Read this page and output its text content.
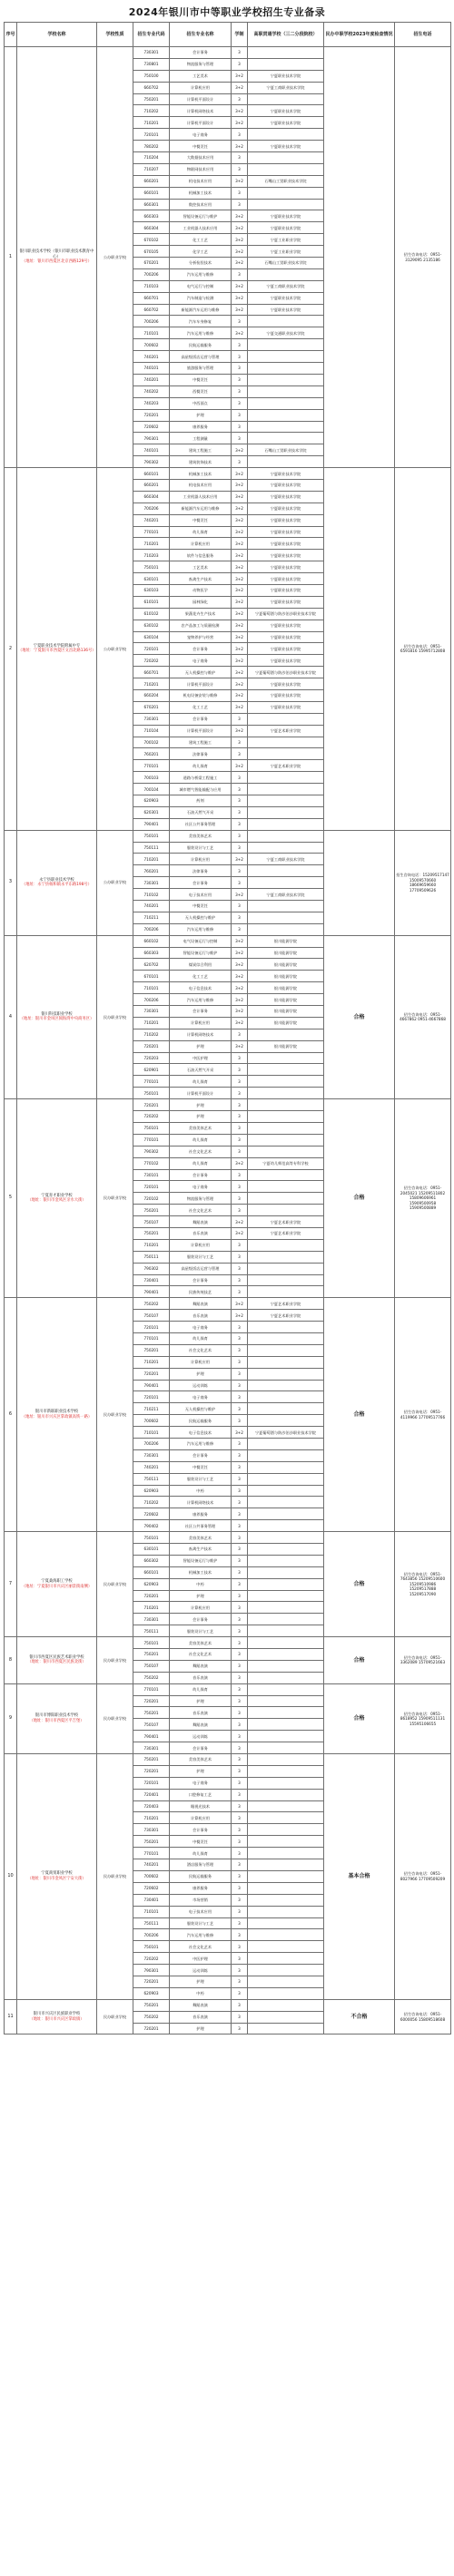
2024年银川市中等职业学校招生专业备录
序号	学校名称	学校性质	招生专业代码	招生专业名称	学制	高职贯通学校（三二分段院校）	民办中职学校2023年度检查情况	招生电话
1	银川职业技术学校（银川市职业技术教育中心）
（地址：银川市西夏区北京西路129号）	公办职业学校	730301	会计事务	3			招生咨询电话：0951-3129095 2135186
			730801	物流服务与管理	3			
			750100	工艺美术	3+2	宁夏职业技术学院		
			660702	计算机应用	3+2	宁夏工商职业技术学院		
			750201	计算机平面设计	3			
			710202	计算机网络技术	3+2	宁夏职业技术学院		
			710201	计算机平面设计	3+2	宁夏职业技术学院		
			720101	电子商务	3			
			780202	中餐烹饪	3+2	宁夏职业技术学院		
			710204	大数据技术应用	3			
			710207	物联网技术应用	3			
			660201	机电技术应用	3+2	石嘴山工贸职业技术学院		
			660101	机械加工技术	3			
			660301	数控技术应用	3			
			660303	智能设备运行与维护	3+2	宁夏职业技术学院		
			660304	工业机器人技术应用	3+2	宁夏职业技术学院		
			670102	化工工艺	3+2	宁夏工业职业学院		
			670105	化学工艺	3+2	宁夏工业职业学院		
			670201	分析检验技术	3+2	石嘴山工贸职业技术学院		
			700206	汽车运用与维修	3			
			710103	电气运行与控制	3+2	宁夏工商职业技术学院		
			660701	汽车制造与检测	3+2	宁夏职业技术学院		
			660702	新能源汽车运用与维修	3+2	宁夏职业技术学院		
			700206	汽车车身修复	3			
			710101	汽车运用与维修	3+2	宁夏交通职业技术学院		
			700602	民航运输服务	3			
			740201	高星级饭店运营与管理	3			
			740101	旅游服务与管理	3			
			740201	中餐烹饪	3			
			740202	西餐烹饪	3			
			740203	中西面点	3			
			720201	护理	3			
			720602	康养服务	3			
			790301	工程测量	3			
			740101	建筑工程施工	3+2	石嘴山工贸职业技术学院		
			790302	建筑装饰技术	3			
2	宁夏职业技术学院附属中专
（地址：宁夏银川市西夏区文昌北路136号）	公办职业学校	660101	机械加工技术	3+2	宁夏职业技术学院		招生咨询电话：0951-6591816 15995712808
			660201	机电技术应用	3+2	宁夏职业技术学院		
			660304	工业机器人技术应用	3+2	宁夏职业技术学院		
			700206	新能源汽车运用与维修	3+2	宁夏职业技术学院		
			740201	中餐烹饪	3+2	宁夏职业技术学院		
			770101	幼儿保育	3+2	宁夏职业技术学院		
			710201	计算机应用	3+2	宁夏职业技术学院		
			710203	软件与信息服务	3+2	宁夏职业技术学院		
			750101	工艺美术	3+2	宁夏职业技术学院		
			630101	畜禽生产技术	3+2	宁夏职业技术学院		
			630103	动物医学	3+2	宁夏职业技术学院		
			610101	园林绿化	3+2	宁夏职业技术学院		
			610102	果蔬花卉生产技术	3+2	宁夏葡萄酒与防沙治沙职业技术学院		
			630102	农产品加工与质量检测	3+2	宁夏职业技术学院		
			630104	宠物养护与经营	3+2	宁夏职业技术学院		
			720101	会计事务	3+2	宁夏职业技术学院		
			720202	电子商务	3+2	宁夏职业技术学院		
			660701	无人机操控与维护	3+2	宁夏葡萄酒与防沙治沙职业技术学院		
			710201	计算机平面设计	3+2	宁夏职业技术学院		
			660204	机电设备安装与维修	3+2	宁夏职业技术学院		
			670201	化工工艺	3+2	宁夏职业技术学院		
			730301	会计事务	3			
			710104	计算机平面设计	3+2	宁夏艺术职业学院		
			700102	建筑工程施工	3			
			760201	法律事务	3			
			770101	幼儿保育	3+2	宁夏艺术职业学院		
			700103	道路与桥梁工程施工	3			
			700104	城市燃气智能输配与应用	3			
			620903	药剂	3			
			620301	石油天然气开采	3			
			790401	社区公共事务管理	3			
3	永宁县职业技术学校
（地址：永宁县杨和镇永平东路198号）	公办职业学校	750101	美容美体艺术	3			招生咨询电话：15209517147 15009570660 18669659660 17709509626
			750111	服装设计与工艺	3			
			710201	计算机应用	3+2	宁夏工商职业技术学院		
			760201	法律事务	3			
			730301	会计事务	3			
			710102	电子技术应用	3+2	宁夏工商职业技术学院		
			740201	中餐烹饪	3			
			710211	无人机操控与维护	3			
			700206	汽车运用与维修	3			
4	银川科技职业学校
（地址：银川市金凤区阅海湾中央商务区）	民办职业学校	660102	电气设备运行与控制	3+2	银川能源学院	合格	招生咨询电话：0951-4667862 0951-4667868
			660303	智能设备运行与维护	3+2	银川能源学院		
			620702	煤炭综合利用	3+2	银川能源学院		
			670101	化工工艺	3+2	银川能源学院		
			710101	电子信息技术	3+2	银川能源学院		
			700206	汽车运用与维修	3+2	银川能源学院		
			730301	会计事务	3+2	银川能源学院		
			710201	计算机应用	3+2	银川能源学院		
			710202	计算机网络技术	3			
			720201	护理	3+2	银川能源学院		
			720203	中医护理	3			
			620901	石油天然气开采	3			
			770101	幼儿保育	3			
			750101	计算机平面设计	3			
5	宁夏育才职业学校
（地址：银川市金凤区亲水大街）	民办职业学校	720201	护理	3		合格	招生咨询电话：0951-2045021 15209511802 15809606961 15909500958 15909500889
			720202	护理	3			
			750101	美容美体艺术	3			
			770101	幼儿保育	3			
			790302	社会文化艺术	3			
			770102	幼儿保育	3+2	宁夏幼儿师范高等专科学校		
			730101	会计事务	3			
			720101	电子商务	3			
			720102	物流服务与管理	3			
			750201	社会文化艺术	3			
			750107	舞蹈表演	3+2	宁夏艺术职业学院		
			750201	音乐表演	3+2	宁夏艺术职业学院		
			710201	计算机应用	3			
			750111	服装设计与工艺	3			
			790302	高星级饭店运营与管理	3			
			730401	会计事务	3			
			790401	民族传统技艺	3			
6	银川市新联职业技术学校
（地址：银川市兴庆区掌政镇高铁一路）	民办职业学校	750202	舞蹈表演	3+2	宁夏艺术职业学院	合格	招生咨询电话：0951-4119966 17709517766
			750107	音乐表演	3+2	宁夏艺术职业学院		
			720101	电子商务	3			
			770101	幼儿保育	3			
			750201	社会文化艺术	3			
			710201	计算机应用	3			
			720201	护理	3			
			790401	运动训练	3			
			720101	电子商务	3			
			710211	无人机操控与维护	3			
			700602	民航运输服务	3			
			710101	电子信息技术	3+2	宁夏葡萄酒与防沙治沙职业技术学院		
			700206	汽车运用与维修	3			
			730301	会计事务	3			
			740201	中餐烹饪	3			
			750111	服装设计与工艺	3			
			620903	中药	3			
			710202	计算机网络技术	3			
			720602	康养服务	3			
			790402	社区公共事务管理	3			
7	宁夏桑海职工学校
（地址：宁夏银川市兴庆区丽景街南侧）	民办职业学校	750101	美容美体艺术	3		合格	招生咨询电话：0951-7643856 15209510600 15209510986 15209517888 15209517090
			630101	畜禽生产技术	3			
			660302	智能设备运行与维护	3			
			660101	机械加工技术	3			
			620903	中药	3			
			720201	护理	3			
			710201	计算机应用	3			
			730301	会计事务	3			
			750111	服装设计与工艺	3			
8	银川市西夏区民族艺术职业学校
（地址：银川市西夏区民族北街）	民办职业学校	750101	美容美体艺术	3		合格	招生咨询电话：0951-3362089 15709521663
			750201	社会文化艺术	3			
			750107	舞蹈表演	3			
			750202	音乐表演	3			
9	银川市博阳职业技术学校
（地址：银川市西夏区平吉堡）	民办职业学校	770101	幼儿保育	3		合格	招生咨询电话：0951-8618952 15909511131 15595106655
			720201	护理	3			
			750201	音乐表演	3			
			750107	舞蹈表演	3			
			790401	运动训练	3			
			730301	会计事务	3			
10	宁夏商贸职业学校
（地址：银川市金凤区宁安大街）	民办职业学校	750201	美容美体艺术	3		基本合格	招生咨询电话：0951-8027966 17709509209
			720201	护理	3			
			720101	电子商务	3			
			720401	口腔修复工艺	3			
			720403	眼视光技术	3			
			710201	计算机应用	3			
			730301	会计事务	3			
			750201	中餐烹饪	3			
			770101	幼儿保育	3			
			740201	酒店服务与管理	3			
			700602	民航运输服务	3			
			720602	康养服务	3			
			730401	市场营销	3			
			710101	电子技术应用	3			
			750111	服装设计与工艺	3			
			700206	汽车运用与维修	3			
			750101	社会文化艺术	3			
			720202	中医护理	3			
			790301	运动训练	3			
			720201	护理	3			
			620903	中药	3			
11	银川市兴庆区民族职业学校
（地址：银川市兴庆区掌政镇）	民办职业学校	750201	舞蹈表演	3		不合格	招生咨询电话：0951-6000056 15809518608
			750202	音乐表演	3			
			720201	护理	3			
